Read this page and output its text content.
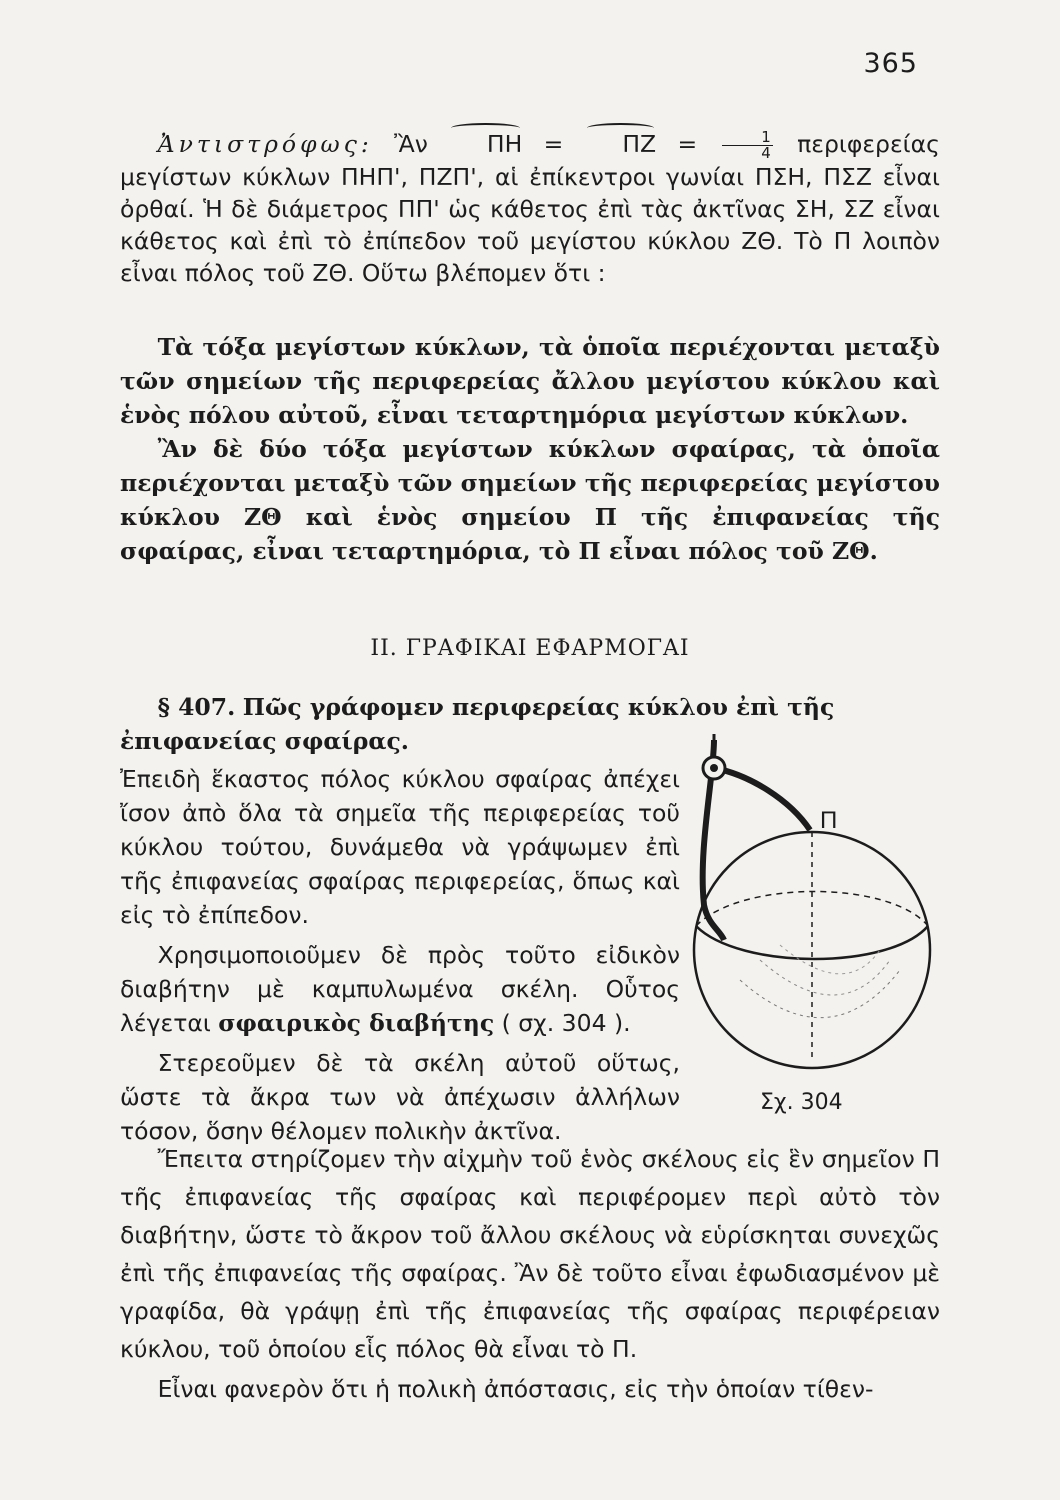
365

Ἀντιστρόφως: Ἂν	ΠΗ =	$\Pi Z = \frac{1}{4}$ περιφερείας μεγίστων κύκλων ΠΗΠ', ΠΖΠ', αἱ ἐπίκεντροι γωνίαι ΠΣΗ, ΠΣΖ εἶναι ὀρθαί. Ἡ δὲ διάμετρος ΠΠ' ὡς κάθετος ἐπὶ τὰς ἀκτῖνας ΣΗ, ΣΖ εἶναι κάθετος καὶ ἐπὶ τὸ ἐπίπεδον τοῦ μεγίστου κύκλου ΖΘ. Τὸ Π λοιπὸν εἶναι πόλος τοῦ ΖΘ. Οὕτω βλέπομεν ὅτι :

Τὰ τόξα μεγίστων κύκλων, τὰ ὁποῖα περιέχονται μεταξὺ τῶν σημείων τῆς περιφερείας ἄλλου μεγίστου κύκλου καὶ ἑνὸς πόλου αὐτοῦ, εἶναι τεταρτημόρια μεγίστων κύκλων.

Ἂν δὲ δύο τόξα μεγίστων κύκλων σφαίρας, τὰ ὁποῖα περιέχονται μεταξὺ τῶν σημείων τῆς περιφερείας μεγίστου κύκλου ΖΘ καὶ ἑνὸς σημείου Π τῆς ἐπιφανείας τῆς σφαίρας, εἶναι τεταρτημόρια, τὸ Π εἶναι πόλος τοῦ ΖΘ.

ΙΙ. ΓΡΑΦΙΚΑΙ ΕΦΑΡΜΟΓΑΙ

§ 407. Πῶς γράφομεν περιφερείας κύκλου ἐπὶ τῆς ἐπιφανείας σφαίρας.

Ἐπειδὴ ἕκαστος πόλος κύκλου σφαίρας ἀπέχει ἴσον ἀπὸ ὅλα τὰ σημεῖα τῆς περιφερείας τοῦ κύκλου τούτου, δυνάμεθα νὰ γράψωμεν ἐπὶ τῆς ἐπιφανείας σφαίρας περιφερείας, ὅπως καὶ εἰς τὸ ἐπίπεδον.

Χρησιμοποιοῦμεν δὲ πρὸς τοῦτο εἰδικὸν διαβήτην μὲ καμπυλωμένα σκέλη. Οὗτος λέγεται σφαιρικὸς διαβήτης ( σχ. 304 ).

Στερεοῦμεν δὲ τὰ σκέλη αὐτοῦ οὕτως, ὥστε τὰ ἄκρα των νὰ ἀπέχωσιν ἀλλήλων τόσον, ὅσην θέλομεν πολικὴν ἀκτῖνα.

Π
Σχ. 304

Ἔπειτα στηρίζομεν τὴν αἰχμὴν τοῦ ἑνὸς σκέλους εἰς ἓν σημεῖον Π τῆς ἐπιφανείας τῆς σφαίρας καὶ περιφέρομεν περὶ αὐτὸ τὸν διαβήτην, ὥστε τὸ ἄκρον τοῦ ἄλλου σκέλους νὰ εὑρίσκηται συνεχῶς ἐπὶ τῆς ἐπιφανείας τῆς σφαίρας. Ἂν δὲ τοῦτο εἶναι ἐφωδιασμένον μὲ γραφίδα, θὰ γράψῃ ἐπὶ τῆς ἐπιφανείας τῆς σφαίρας περιφέρειαν κύκλου, τοῦ ὁποίου εἷς πόλος θὰ εἶναι τὸ Π.

Εἶναι φανερὸν ὅτι ἡ πολικὴ ἀπόστασις, εἰς τὴν ὁποίαν τίθεν-
